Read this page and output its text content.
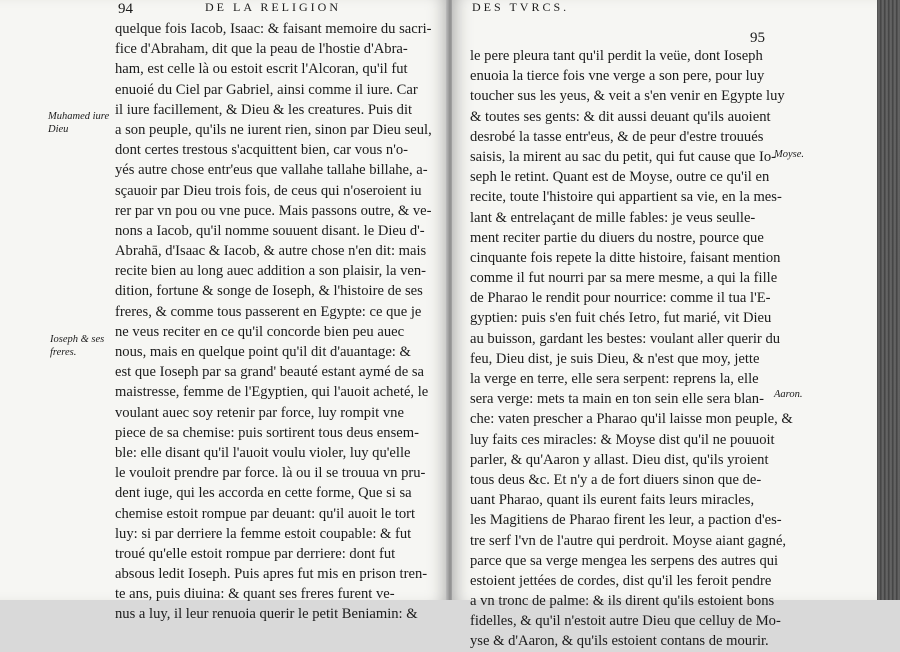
94	DE LA RELIGION
Muhamed iure Dieu
Ioseph & ses freres.
quelque fois Iacob, Isaac: & faisant memoire du sacri-
fice d'Abraham, dit que la peau de l'hostie d'Abra-
ham, est celle là ou estoit escrit l'Alcoran, qu'il fut
enuoié du Ciel par Gabriel, ainsi comme il iure. Car
il iure facillement, & Dieu & les creatures. Puis dit
a son peuple, qu'ils ne iurent rien, sinon par Dieu seul,
dont certes trestous s'acquittent bien, car vous n'o-
yés autre chose entr'eus que vallahe tallahe billahe, a-
sçauoir par Dieu trois fois, de ceus qui n'oseroient iu
rer par vn pou ou vne puce. Mais passons outre, & ve-
nons a Iacob, qu'il nomme souuent disant. le Dieu d'-
Abrahā, d'Isaac & Iacob, & autre chose n'en dit: mais
recite bien au long auec addition a son plaisir, la ven-
dition, fortune & songe de Ioseph, & l'histoire de ses
freres, & comme tous passerent en Egypte: ce que je
ne veus reciter en ce qu'il concorde bien peu auec
nous, mais en quelque point qu'il dit d'auantage: &
est que Ioseph par sa grand' beauté estant aymé de sa
maistresse, femme de l'Egyptien, qui l'auoit acheté, le
voulant auec soy retenir par force, luy rompit vne
piece de sa chemise: puis sortirent tous deus ensem-
ble: elle disant qu'il l'auoit voulu violer, luy qu'elle
le vouloit prendre par force. là ou il se trouua vn pru-
dent iuge, qui les accorda en cette forme, Que si sa
chemise estoit rompue par deuant: qu'il auoit le tort
luy: si par derriere la femme estoit coupable: & fut
troué qu'elle estoit rompue par derriere: dont fut
absous ledit Ioseph. Puis apres fut mis en prison tren-
te ans, puis diuina: & quant ses freres furent ve-
nus a luy, il leur renuoia querir le petit Beniamin: &
DES TVRCS.
95
Moyse.
Aaron.
le pere pleura tant qu'il perdit la veüe, dont Ioseph
enuoia la tierce fois vne verge a son pere, pour luy
toucher sus les yeus, & veit a s'en venir en Egypte luy
& toutes ses gents: & dit aussi deuant qu'ils auoient
desrobé la tasse entr'eus, & de peur d'estre trouués
saisis, la mirent au sac du petit, qui fut cause que Io-
seph le retint. Quant est de Moyse, outre ce qu'il en
recite, toute l'histoire qui appartient sa vie, en la mes-
lant & entrelaçant de mille fables: je veus seulle-
ment reciter partie du diuers du nostre, pource que
cinquante fois repete la ditte histoire, faisant mention
comme il fut nourri par sa mere mesme, a qui la fille
de Pharao le rendit pour nourrice: comme il tua l'E-
gyptien: puis s'en fuit chés Ietro, fut marié, vit Dieu
au buisson, gardant les bestes: voulant aller querir du
feu, Dieu dist, je suis Dieu, & n'est que moy, jette
la verge en terre, elle sera serpent: reprens la, elle
sera verge: mets ta main en ton sein elle sera blan-
che: vaten prescher a Pharao qu'il laisse mon peuple, &
luy faits ces miracles: & Moyse dist qu'il ne pouuoit
parler, & qu'Aaron y allast. Dieu dist, qu'ils yroient
tous deus &c. Et n'y a de fort diuers sinon que de-
uant Pharao, quant ils eurent faits leurs miracles,
les Magitiens de Pharao firent les leur, a paction d'es-
tre serf l'vn de l'autre qui perdroit. Moyse aiant gagné,
parce que sa verge mengea les serpens des autres qui
estoient jettées de cordes, dist qu'il les feroit pendre
a vn tronc de palme: & ils dirent qu'ils estoient bons
fidelles, & qu'il n'estoit autre Dieu que celluy de Mo-
yse & d'Aaron, & qu'ils estoient contans de mourir.
